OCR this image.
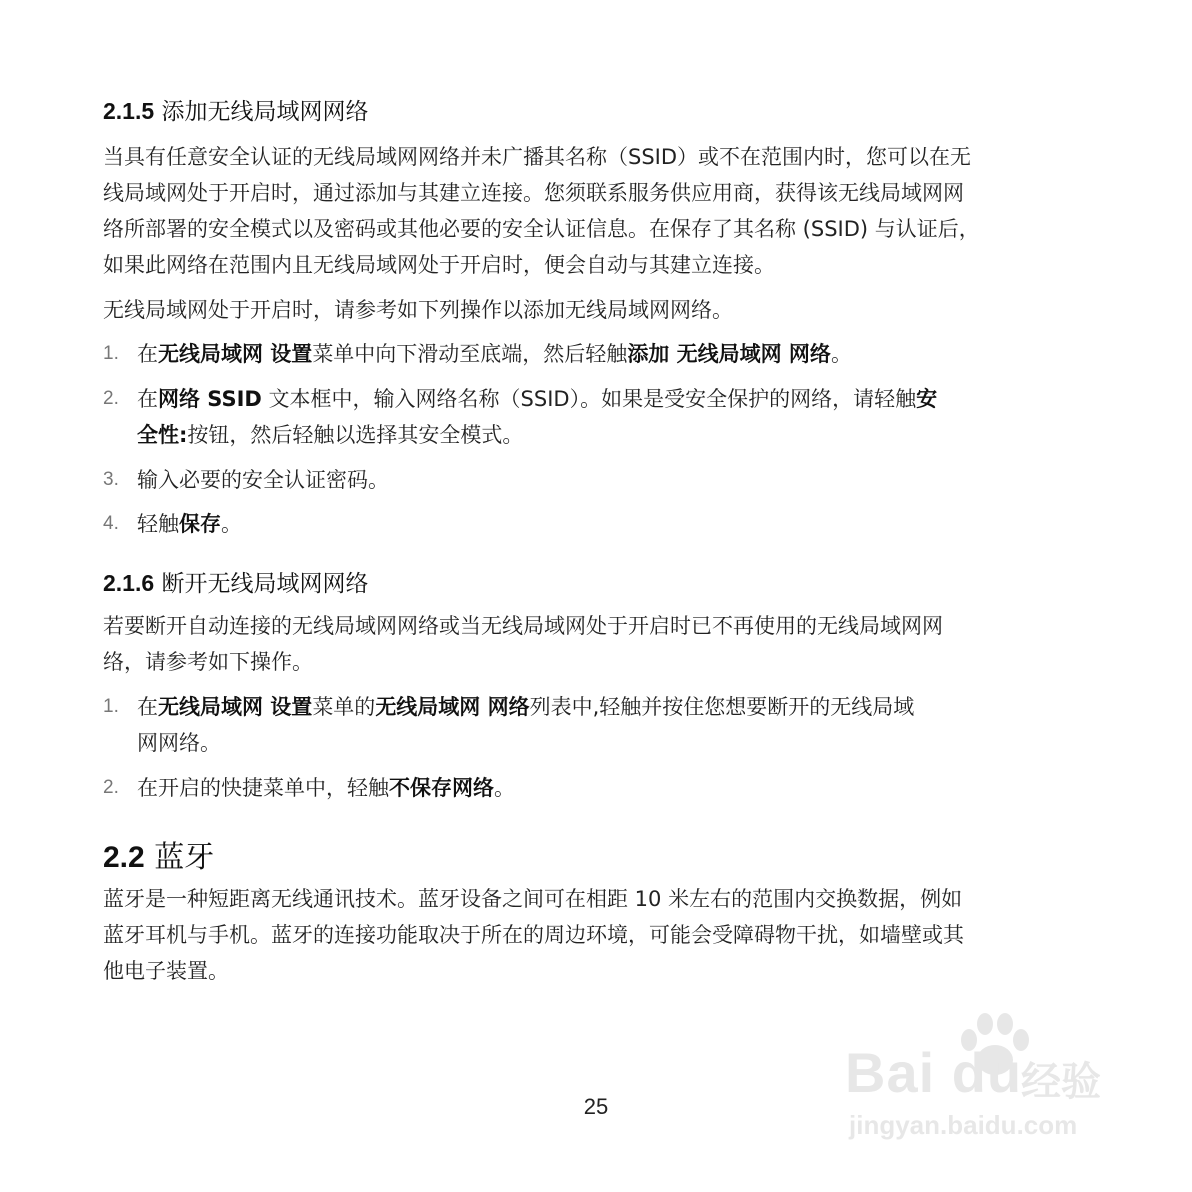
2.1.5 添加无线局域网网络
当具有任意安全认证的无线局域网网络并未广播其名称（SSID）或不在范围内时，您可以在无
线局域网处于开启时，通过添加与其建立连接。您须联系服务供应用商，获得该无线局域网网
络所部署的安全模式以及密码或其他必要的安全认证信息。在保存了其名称 (SSID) 与认证后，
如果此网络在范围内且无线局域网处于开启时，便会自动与其建立连接。
无线局域网处于开启时，请参考如下列操作以添加无线局域网网络。
1. 在无线局域网 设置菜单中向下滑动至底端，然后轻触添加 无线局域网 网络。
2. 在网络 SSID 文本框中，输入网络名称（SSID）。如果是受安全保护的网络，请轻触安
全性:按钮，然后轻触以选择其安全模式。
3. 输入必要的安全认证密码。
4. 轻触保存。
2.1.6 断开无线局域网网络
若要断开自动连接的无线局域网网络或当无线局域网处于开启时已不再使用的无线局域网网
络，请参考如下操作。
1. 在无线局域网 设置菜单的无线局域网 网络列表中,轻触并按住您想要断开的无线局域
网网络。
2. 在开启的快捷菜单中，轻触不保存网络。
2.2 蓝牙
蓝牙是一种短距离无线通讯技术。蓝牙设备之间可在相距 10 米左右的范围内交换数据，例如
蓝牙耳机与手机。蓝牙的连接功能取决于所在的周边环境，可能会受障碍物干扰，如墙壁或其
他电子装置。
25
Bai du
经验
jingyan.baidu.com
